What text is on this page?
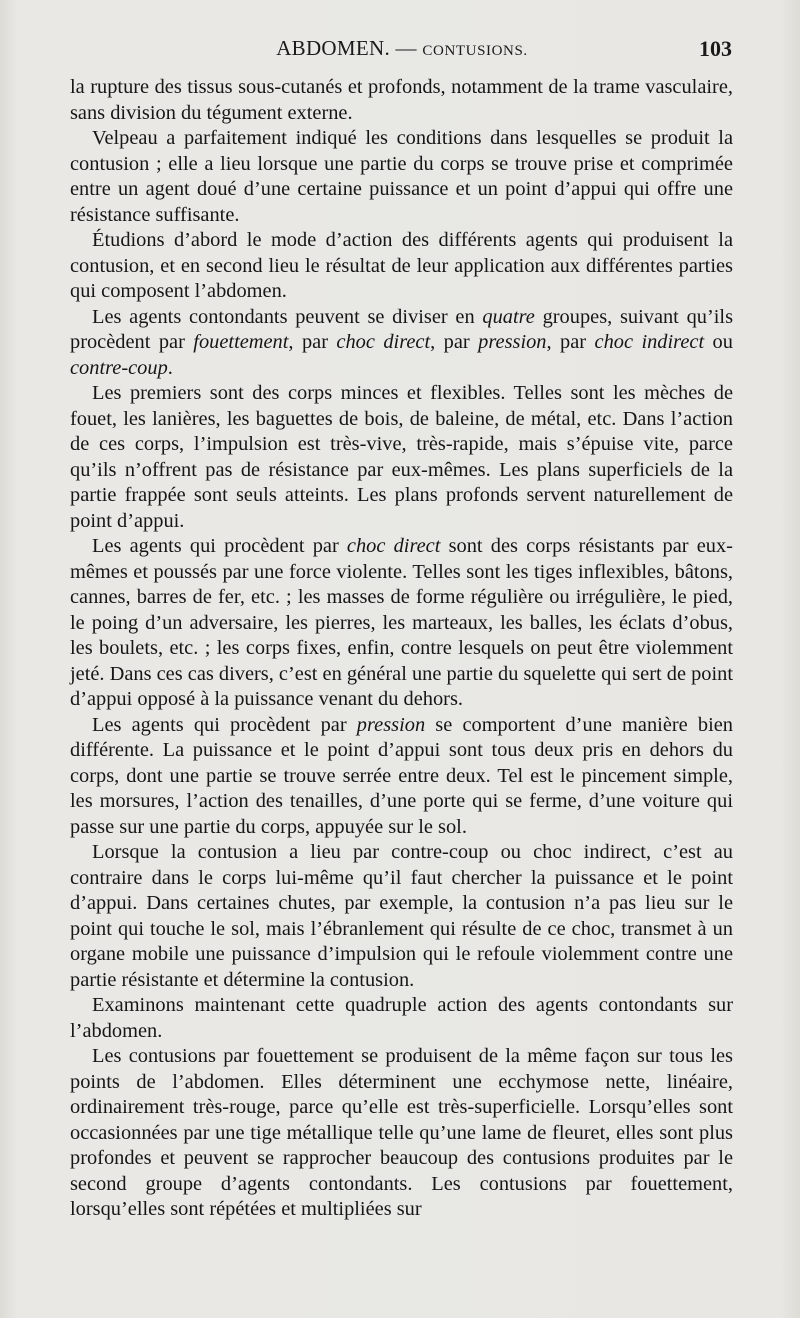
ABDOMEN. — CONTUSIONS.	103

la rupture des tissus sous-cutanés et profonds, notamment de la trame vasculaire, sans division du tégument externe.

Velpeau a parfaitement indiqué les conditions dans lesquelles se produit la contusion ; elle a lieu lorsque une partie du corps se trouve prise et comprimée entre un agent doué d’une certaine puissance et un point d’appui qui offre une résistance suffisante.

Étudions d’abord le mode d’action des différents agents qui produisent la contusion, et en second lieu le résultat de leur application aux différentes parties qui composent l’abdomen.

Les agents contondants peuvent se diviser en quatre groupes, suivant qu’ils procèdent par fouettement, par choc direct, par pression, par choc indirect ou contre-coup.

Les premiers sont des corps minces et flexibles. Telles sont les mèches de fouet, les lanières, les baguettes de bois, de baleine, de métal, etc. Dans l’action de ces corps, l’impulsion est très-vive, très-rapide, mais s’épuise vite, parce qu’ils n’offrent pas de résistance par eux-mêmes. Les plans superficiels de la partie frappée sont seuls atteints. Les plans profonds servent naturellement de point d’appui.

Les agents qui procèdent par choc direct sont des corps résistants par eux-mêmes et poussés par une force violente. Telles sont les tiges inflexibles, bâtons, cannes, barres de fer, etc. ; les masses de forme régulière ou irrégulière, le pied, le poing d’un adversaire, les pierres, les marteaux, les balles, les éclats d’obus, les boulets, etc. ; les corps fixes, enfin, contre lesquels on peut être violemment jeté. Dans ces cas divers, c’est en général une partie du squelette qui sert de point d’appui opposé à la puissance venant du dehors.

Les agents qui procèdent par pression se comportent d’une manière bien différente. La puissance et le point d’appui sont tous deux pris en dehors du corps, dont une partie se trouve serrée entre deux. Tel est le pincement simple, les morsures, l’action des tenailles, d’une porte qui se ferme, d’une voiture qui passe sur une partie du corps, appuyée sur le sol.

Lorsque la contusion a lieu par contre-coup ou choc indirect, c’est au contraire dans le corps lui-même qu’il faut chercher la puissance et le point d’appui. Dans certaines chutes, par exemple, la contusion n’a pas lieu sur le point qui touche le sol, mais l’ébranlement qui résulte de ce choc, transmet à un organe mobile une puissance d’impulsion qui le refoule violemment contre une partie résistante et détermine la contusion.

Examinons maintenant cette quadruple action des agents contondants sur l’abdomen.

Les contusions par fouettement se produisent de la même façon sur tous les points de l’abdomen. Elles déterminent une ecchymose nette, linéaire, ordinairement très-rouge, parce qu’elle est très-superficielle. Lorsqu’elles sont occasionnées par une tige métallique telle qu’une lame de fleuret, elles sont plus profondes et peuvent se rapprocher beaucoup des contusions produites par le second groupe d’agents contondants. Les contusions par fouettement, lorsqu’elles sont répétées et multipliées sur
